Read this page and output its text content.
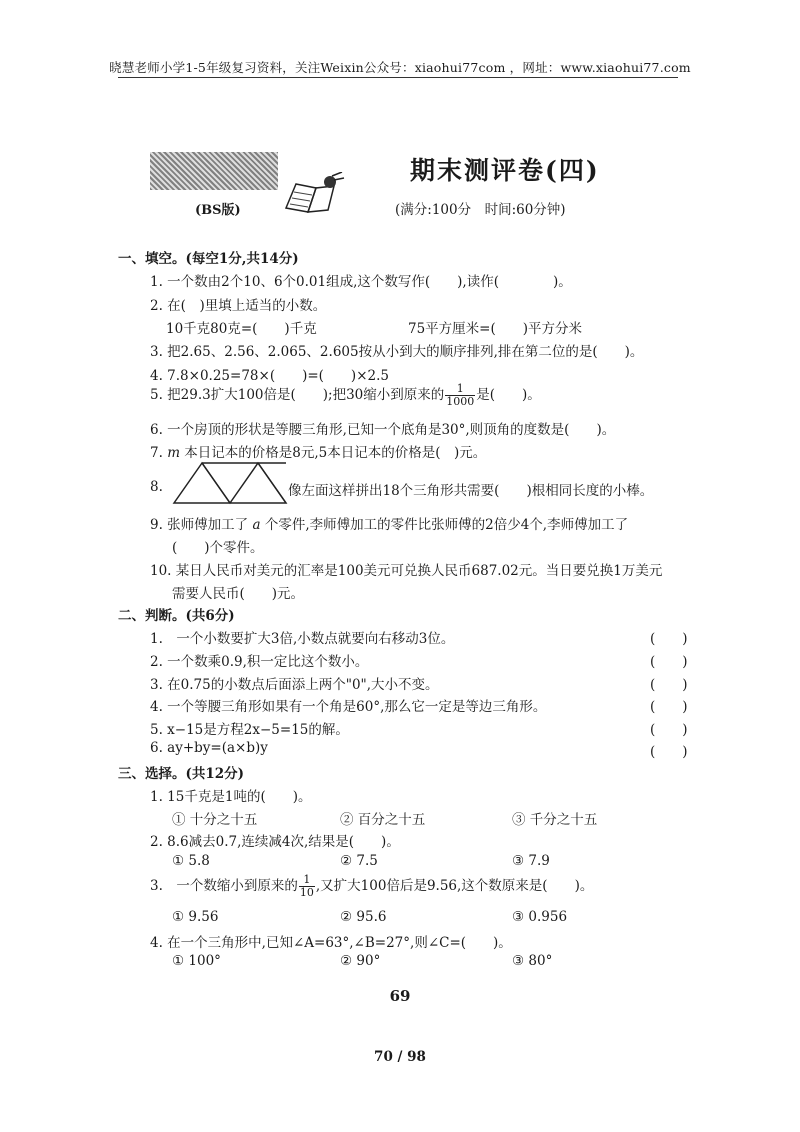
晓慧老师小学1-5年级复习资料，关注Weixin公众号：xiaohui77com ，网址：www.xiaohui77.com
期末测评卷(四)
(BS版)	(满分:100分　时间:60分钟)
一、填空。(每空1分,共14分)
1. 一个数由2个10、6个0.01组成,这个数写作(　　),读作(　　　　)。
2. 在(　)里填上适当的小数。
10千克80克=(　　)千克	75平方厘米=(　　)平方分米
3. 把2.65、2.56、2.065、2.605按从小到大的顺序排列,排在第二位的是(　　)。
4. 7.8×0.25=78×(　　)=(　　)×2.5
5. 把29.3扩大100倍是(　　);把30缩小到原来的 $\frac{1}{1000}$ 是(　　)。
6. 一个房顶的形状是等腰三角形,已知一个底角是30°,则顶角的度数是(　　)。
7. m 本日记本的价格是8元,5本日记本的价格是(　)元。
8.	像左面这样拼出18个三角形共需要(　　)根相同长度的小棒。
9. 张师傅加工了 a 个零件,李师傅加工的零件比张师傅的2倍少4个,李师傅加工了
(　　)个零件。
10. 某日人民币对美元的汇率是100美元可兑换人民币687.02元。当日要兑换1万美元
需要人民币(　　)元。
二、判断。(共6分)
1.　一个小数要扩大3倍,小数点就要向右移动3位。	(　　)
2. 一个数乘0.9,积一定比这个数小。	(　　)
3. 在0.75的小数点后面添上两个"0",大小不变。	(　　)
4. 一个等腰三角形如果有一个角是60°,那么它一定是等边三角形。	(　　)
5. x−15是方程2x−5=15的解。	(　　)
6. ay+by=(a×b)y	(　　)
三、选择。(共12分)
1. 15千克是1吨的(　　)。
① 十分之十五	② 百分之十五	③ 千分之十五
2. 8.6减去0.7,连续减4次,结果是(　　)。
① 5.8	② 7.5	③ 7.9
3.　一个数缩小到原来的 $\frac{1}{10}$ ,又扩大100倍后是9.56,这个数原来是(　　)。
① 9.56	② 95.6	③ 0.956
4. 在一个三角形中,已知∠A=63°,∠B=27°,则∠C=(　　)。
① 100°	② 90°	③ 80°
69
70 / 98
